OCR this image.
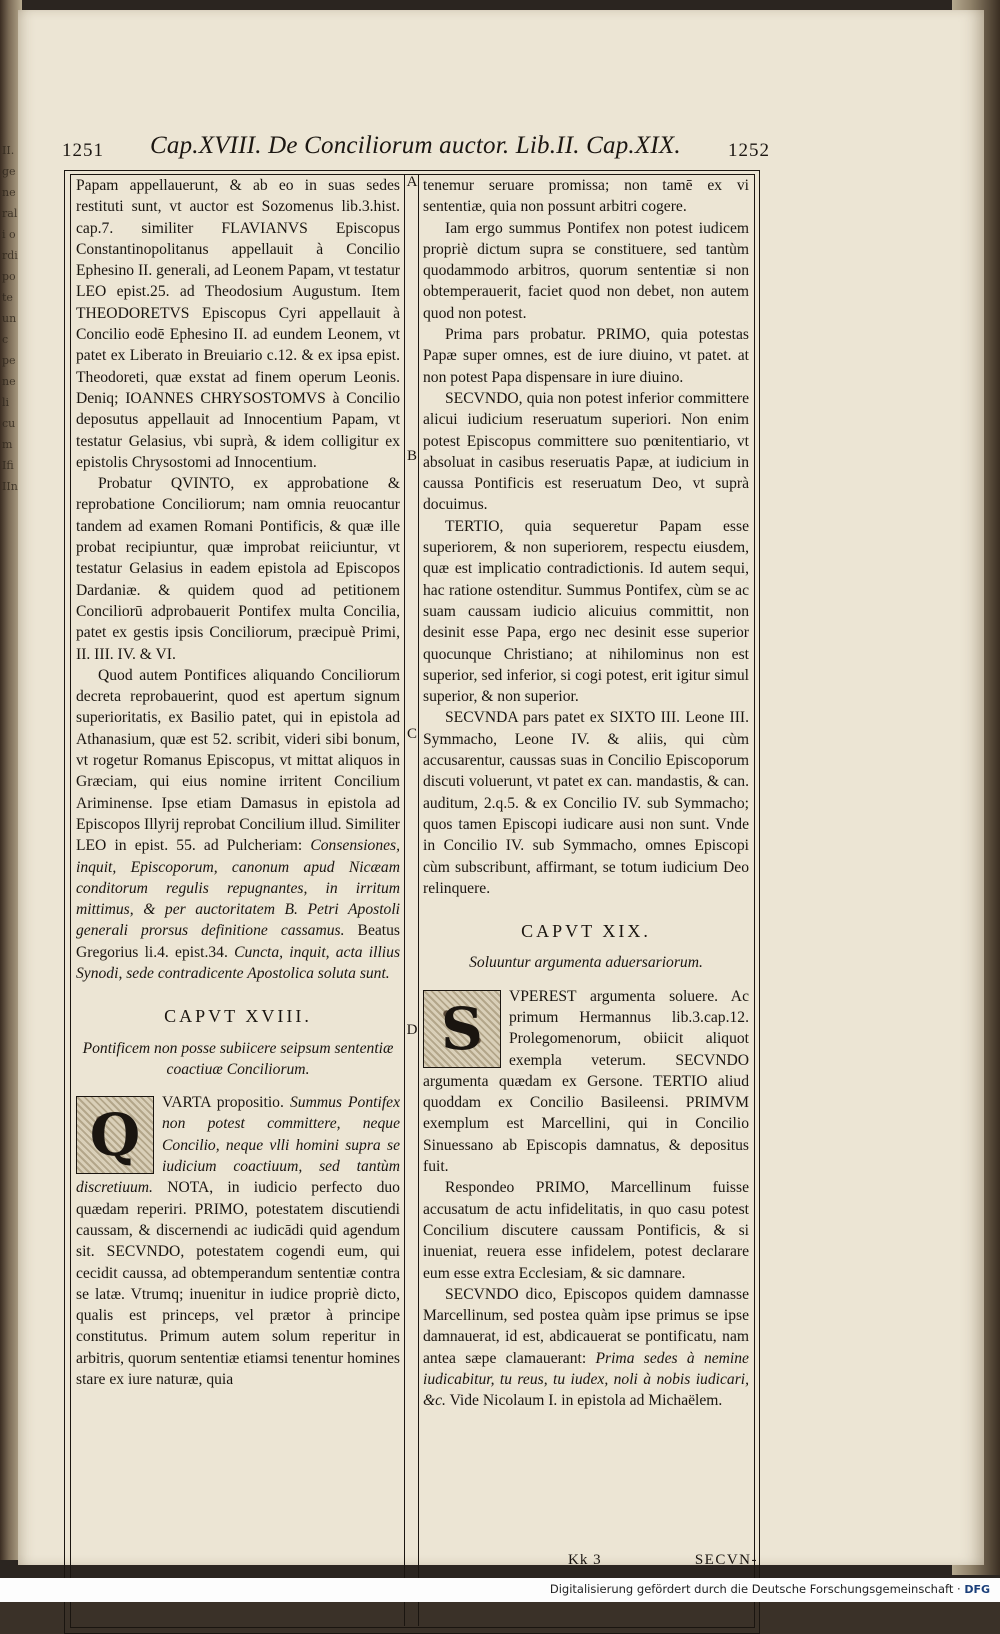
II. generali ordi pote unc pene li cum Ifi IIn
1251 Cap.XVIII. De Conciliorum auctor. Lib.II. Cap.XIX. 1252
A
B
C
D

Papam appellauerunt, & ab eo in suas sedes restituti sunt, vt auctor est Sozomenus lib.3.hist. cap.7. similiter FLAVIANVS Episcopus Constantinopolitanus appellauit à Concilio Ephesino II. generali, ad Leonem Papam, vt testatur LEO epist.25. ad Theodosium Augustum. Item THEODORETVS Episcopus Cyri appellauit à Concilio eodē Ephesino II. ad eundem Leonem, vt patet ex Liberato in Breuiario c.12. & ex ipsa epist. Theodoreti, quæ exstat ad finem operum Leonis. Deniq; IOANNES CHRYSOSTOMVS à Concilio deposutus appellauit ad Innocentium Papam, vt testatur Gelasius, vbi suprà, & idem colligitur ex epistolis Chrysostomi ad Innocentium.

Probatur QVINTO, ex approbatione & reprobatione Conciliorum; nam omnia reuocantur tandem ad examen Romani Pontificis, & quæ ille probat recipiuntur, quæ improbat reiiciuntur, vt testatur Gelasius in eadem epistola ad Episcopos Dardaniæ. & quidem quod ad petitionem Conciliorū adprobauerit Pontifex multa Concilia, patet ex gestis ipsis Conciliorum, præcipuè Primi, II. III. IV. & VI.

Quod autem Pontifices aliquando Conciliorum decreta reprobauerint, quod est apertum signum superioritatis, ex Basilio patet, qui in epistola ad Athanasium, quæ est 52. scribit, videri sibi bonum, vt rogetur Romanus Episcopus, vt mittat aliquos in Græciam, qui eius nomine irritent Concilium Ariminense. Ipse etiam Damasus in epistola ad Episcopos Illyrij reprobat Concilium illud. Similiter LEO in epist. 55. ad Pulcheriam: Consensiones, inquit, Episcoporum, canonum apud Nicæam conditorum regulis repugnantes, in irritum mittimus, & per auctoritatem B. Petri Apostoli generali prorsus definitione cassamus. Beatus Gregorius li.4. epist.34. Cuncta, inquit, acta illius Synodi, sede contradicente Apostolica soluta sunt.

CAPVT XVIII.

Pontificem non posse subiicere seipsum sententiæ coactiuæ Conciliorum.

Q	VARTA propositio. Summus Pontifex non potest committere, neque Concilio, neque vlli homini supra se iudicium coactiuum, sed tantùm discretiuum. NOTA, in iudicio perfecto duo quædam reperiri. PRIMO, potestatem discutiendi caussam, & discernendi ac iudicādi quid agendum sit. SECVNDO, potestatem cogendi eum, qui cecidit caussa, ad obtemperandum sententiæ contra se latæ. Vtrumq; inuenitur in iudice propriè dicto, qualis est princeps, vel prætor à principe constitutus. Primum autem solum reperitur in arbitris, quorum sententiæ etiamsi tenentur homines stare ex iure naturæ, quia

tenemur seruare promissa; non tamē ex vi sententiæ, quia non possunt arbitri cogere.

Iam ergo summus Pontifex non potest iudicem propriè dictum supra se constituere, sed tantùm quodammodo arbitros, quorum sententiæ si non obtemperauerit, faciet quod non debet, non autem quod non potest.

Prima pars probatur. PRIMO, quia potestas Papæ super omnes, est de iure diuino, vt patet. at non potest Papa dispensare in iure diuino.

SECVNDO, quia non potest inferior committere alicui iudicium reseruatum superiori. Non enim potest Episcopus committere suo pœnitentiario, vt absoluat in casibus reseruatis Papæ, at iudicium in caussa Pontificis est reseruatum Deo, vt suprà docuimus.

TERTIO, quia sequeretur Papam esse superiorem, & non superiorem, respectu eiusdem, quæ est implicatio contradictionis. Id autem sequi, hac ratione ostenditur. Summus Pontifex, cùm se ac suam caussam iudicio alicuius committit, non desinit esse Papa, ergo nec desinit esse superior quocunque Christiano; at nihilominus non est superior, sed inferior, si cogi potest, erit igitur simul superior, & non superior.

SECVNDA pars patet ex SIXTO III. Leone III. Symmacho, Leone IV. & aliis, qui cùm accusarentur, caussas suas in Concilio Episcoporum discuti voluerunt, vt patet ex can. mandastis, & can. auditum, 2.q.5. & ex Concilio IV. sub Symmacho; quos tamen Episcopi iudicare ausi non sunt. Vnde in Concilio IV. sub Symmacho, omnes Episcopi cùm subscribunt, affirmant, se totum iudicium Deo relinquere.

CAPVT XIX.

Soluuntur argumenta aduersariorum.

S	VPEREST argumenta soluere. Ac primum Hermannus lib.3.cap.12. Prolegomenorum, obiicit aliquot exempla veterum. SECVNDO argumenta quædam ex Gersone. TERTIO aliud quoddam ex Concilio Basileensi. PRIMVM exemplum est Marcellini, qui in Concilio Sinuessano ab Episcopis damnatus, & depositus fuit.

Respondeo PRIMO, Marcellinum fuisse accusatum de actu infidelitatis, in quo casu potest Concilium discutere caussam Pontificis, & si inueniat, reuera esse infidelem, potest declarare eum esse extra Ecclesiam, & sic damnare.

SECVNDO dico, Episcopos quidem damnasse Marcellinum, sed postea quàm ipse primus se ipse damnauerat, id est, abdicauerat se pontificatu, nam antea sæpe clamauerant: Prima sedes à nemine iudicabitur, tu reus, tu iudex, noli à nobis iudicari, &c. Vide Nicolaum I. in epistola ad Michaëlem.

Kk 3	SECVN-
Digitalisierung gefördert durch die Deutsche Forschungsgemeinschaft · DFG
